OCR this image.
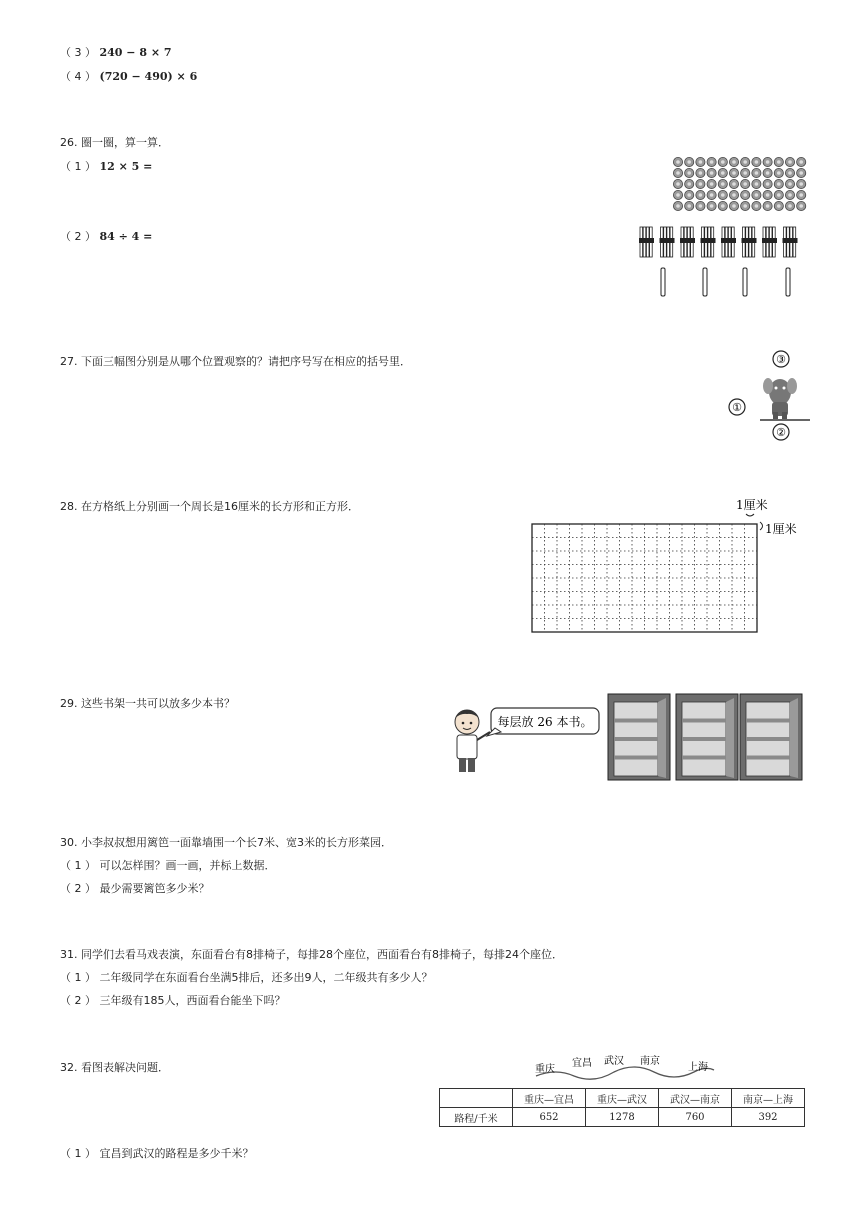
（ 3 ） 240 − 8 × 7
（ 4 ） (720 − 490) × 6
26. 圈一圈，算一算．
（ 1 ） 12 × 5 =
（ 2 ） 84 ÷ 4 =
27. 下面三幅图分别是从哪个位置观察的？请把序号写在相应的括号里．	③
①
②
28. 在方格纸上分别画一个周长是16厘米的长方形和正方形．	1厘米
1厘米
29. 这些书架一共可以放多少本书？
每层放 26 本书。
30. 小李叔叔想用篱笆一面靠墙围一个长7米、宽3米的长方形菜园．
（ 1 ） 可以怎样围？画一画，并标上数据．
（ 2 ） 最少需要篱笆多少米？
31. 同学们去看马戏表演，东面看台有8排椅子，每排28个座位，西面看台有8排椅子，每排24个座位．
（ 1 ） 二年级同学在东面看台坐满5排后，还多出9人，二年级共有多少人？
（ 2 ） 三年级有185人，西面看台能坐下吗？
32. 看图表解决问题．	重庆
宜昌 武汉 南京
上海
	重庆—宜昌	重庆—武汉	武汉—南京	南京—上海
路程/千米	652	1278	760	392
（ 1 ） 宜昌到武汉的路程是多少千米？
